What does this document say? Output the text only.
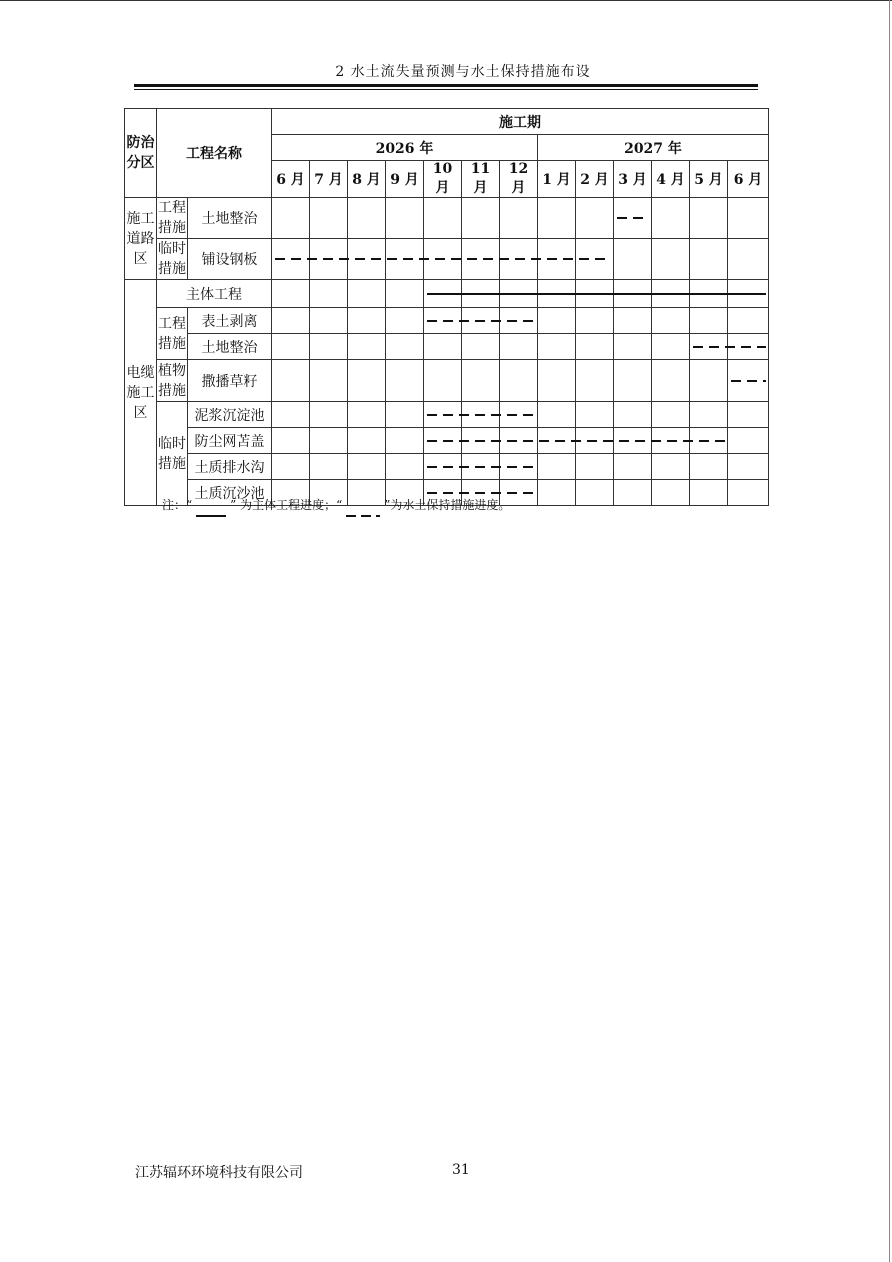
2 水土流失量预测与水土保持措施布设
防治分区	工程名称		施工期												
			2026 年							2027 年					
			6 月	7 月	8 月	9 月	10 月	11 月	12 月	1 月	2 月	3 月	4 月	5 月	6 月
施工道路区	工程措施	土地整治													
	临时措施	铺设钢板													
电缆施工区	主体工程														
	工程措施	表土剥离													
		土地整治													
	植物措施	撒播草籽													
	临时措施	泥浆沉淀池													
		防尘网苫盖													
		土质排水沟													
		土质沉沙池													
注：“	” 为主体工程进度；“	”为水土保持措施进度。
江苏辐环环境科技有限公司	31
